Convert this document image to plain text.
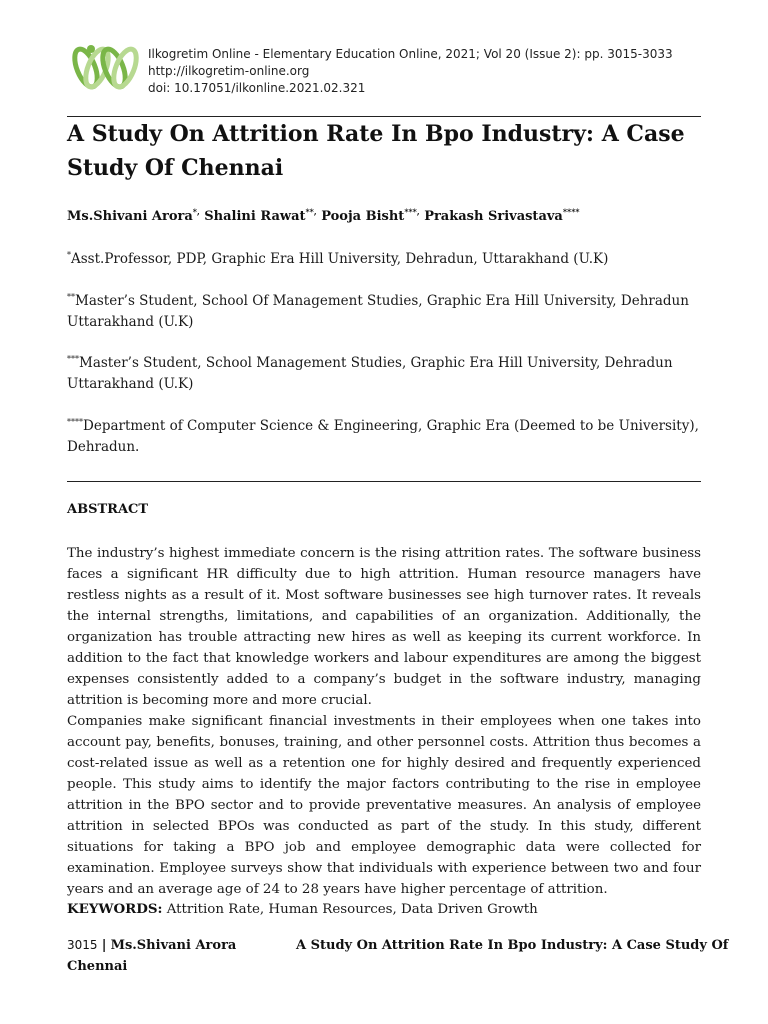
Ilkogretim Online - Elementary Education Online, 2021; Vol 20 (Issue 2): pp. 3015-3033
http://ilkogretim-online.org
doi: 10.17051/ilkonline.2021.02.321
A Study On Attrition Rate In Bpo Industry: A Case
Study Of Chennai
Ms.Shivani Arora*, Shalini Rawat**, Pooja Bisht***, Prakash Srivastava****
*Asst.Professor, PDP, Graphic Era Hill University, Dehradun, Uttarakhand (U.K)
**Master’s Student, School Of Management Studies, Graphic Era Hill University, Dehradun
Uttarakhand (U.K)
***Master’s Student, School Management Studies, Graphic Era Hill University, Dehradun
Uttarakhand (U.K)
****Department of Computer Science & Engineering, Graphic Era (Deemed to be University),
Dehradun.
ABSTRACT

The industry’s highest immediate concern is the rising attrition rates. The software business faces a significant HR difficulty due to high attrition. Human resource managers have restless nights as a result of it. Most software businesses see high turnover rates. It reveals the internal strengths, limitations, and capabilities of an organization. Additionally, the organization has trouble attracting new hires as well as keeping its current workforce. In addition to the fact that knowledge workers and labour expenditures are among the biggest expenses consistently added to a company’s budget in the software industry, managing attrition is becoming more and more crucial.

Companies make significant financial investments in their employees when one takes into account pay, benefits, bonuses, training, and other personnel costs. Attrition thus becomes a cost-related issue as well as a retention one for highly desired and frequently experienced people. This study aims to identify the major factors contributing to the rise in employee attrition in the BPO sector and to provide preventative measures. An analysis of employee attrition in selected BPOs was conducted as part of the study. In this study, different situations for taking a BPO job and employee demographic data were collected for examination. Employee surveys show that individuals with experience between two and four years and an average age of 24 to 28 years have higher percentage of attrition.

KEYWORDS: Attrition Rate, Human Resources, Data Driven Growth
3015 | Ms.Shivani Arora
Chennai
A Study On Attrition Rate In Bpo Industry: A Case Study Of
